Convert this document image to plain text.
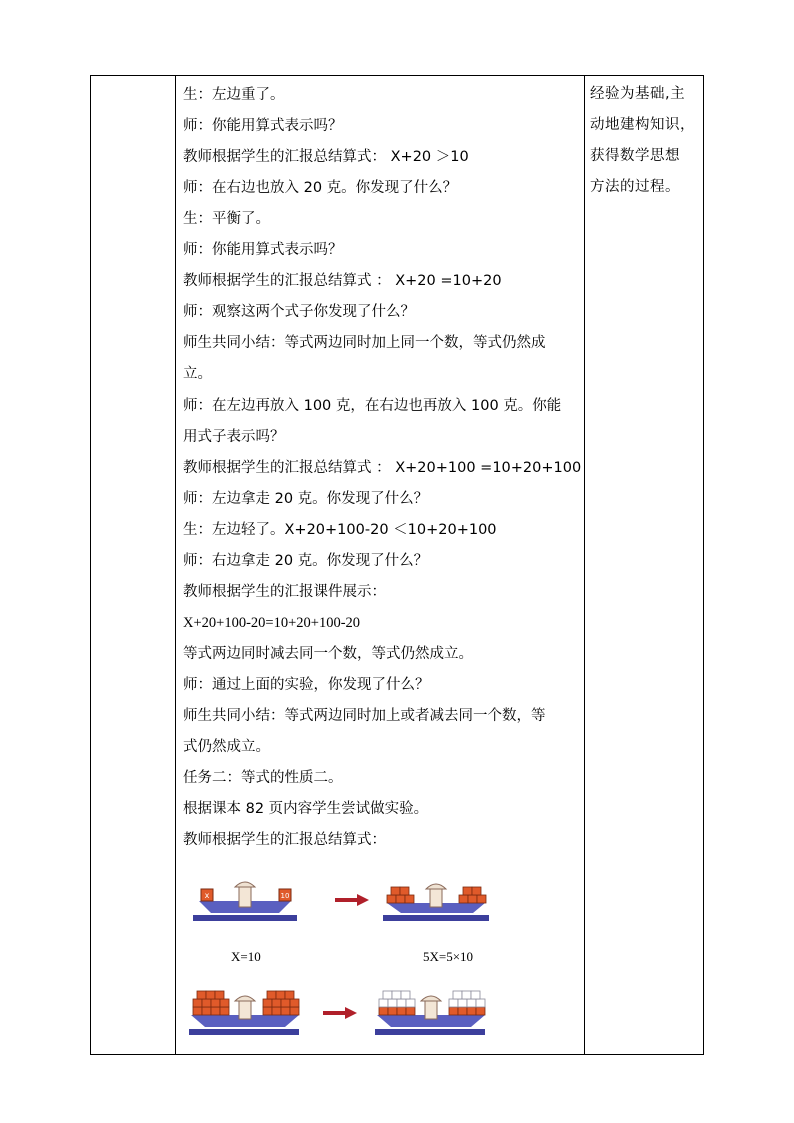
生：左边重了。
师：你能用算式表示吗？
教师根据学生的汇报总结算式： X+20 ＞10
师：在右边也放入 20 克。你发现了什么？
生：平衡了。
师：你能用算式表示吗？
教师根据学生的汇报总结算式 ： X+20 =10+20
师：观察这两个式子你发现了什么？
师生共同小结：等式两边同时加上同一个数，等式仍然成
立。
师：在左边再放入 100 克，在右边也再放入 100 克。你能
用式子表示吗？
教师根据学生的汇报总结算式 ： X+20+100 =10+20+100
师：左边拿走 20 克。你发现了什么？
生：左边轻了。X+20+100-20 ＜10+20+100
师：右边拿走 20 克。你发现了什么？
教师根据学生的汇报课件展示：
X+20+100-20=10+20+100-20
等式两边同时减去同一个数，等式仍然成立。
师：通过上面的实验，你发现了什么？
师生共同小结：等式两边同时加上或者减去同一个数，等
式仍然成立。
任务二：等式的性质二。
根据课本 82 页内容学生尝试做实验。
教师根据学生的汇报总结算式：
x	10
X=10	5X=5×10
经验为基础,主
动地建构知识，
获得数学思想
方法的过程。
